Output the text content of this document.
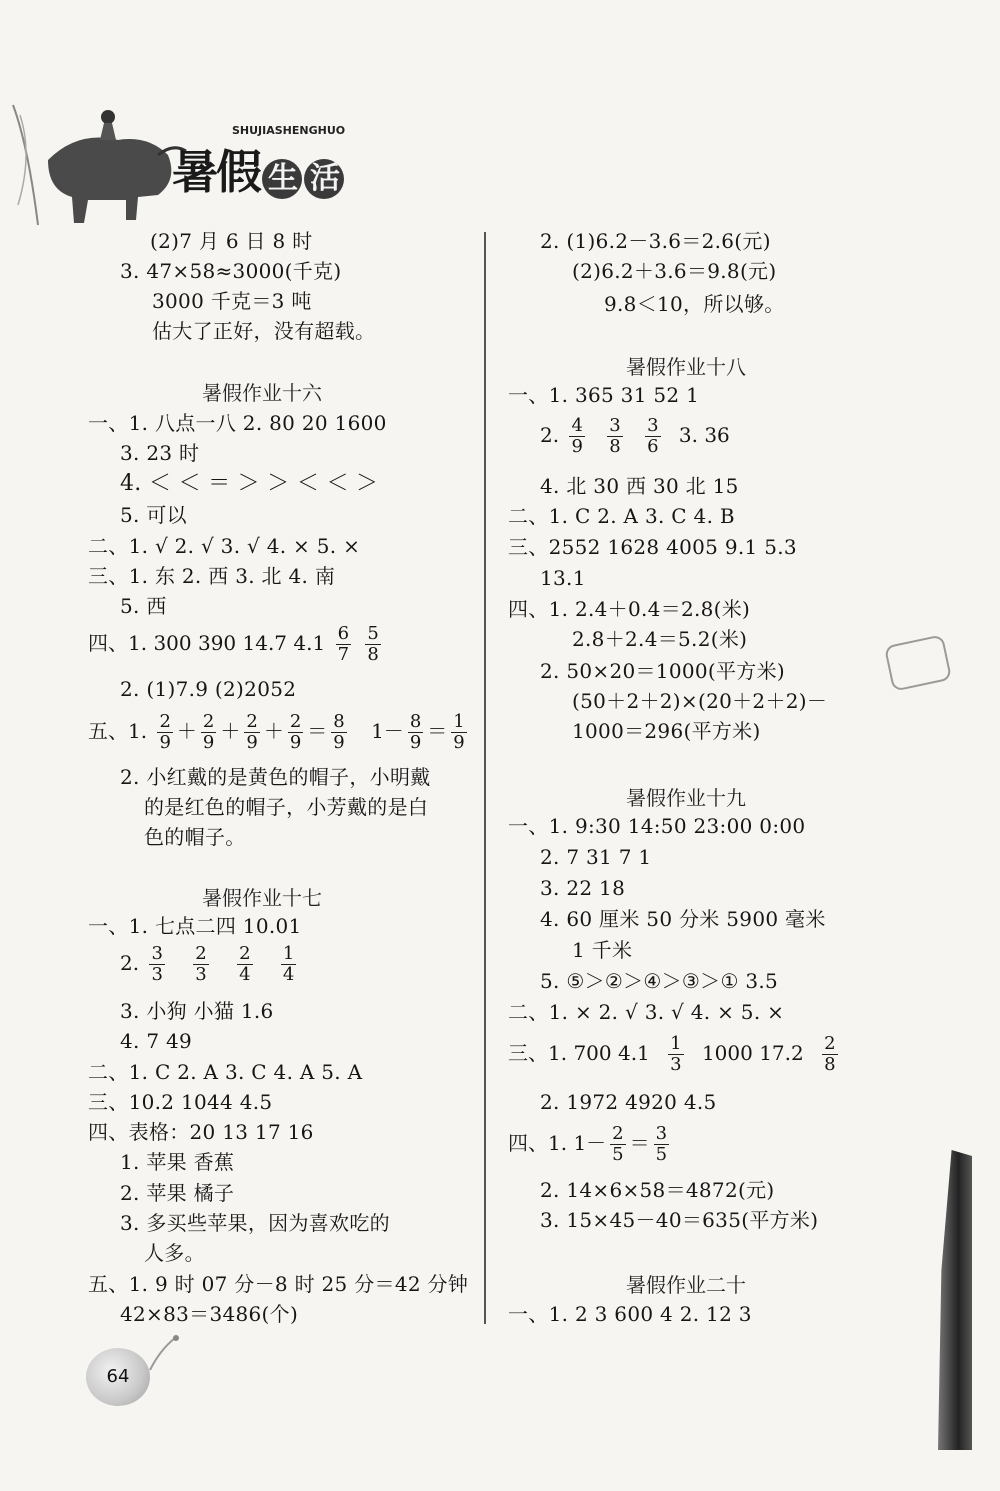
SHUJIASHENGHUO
暑假 生 活
(2)7 月 6 日 8 时
3. 47×58≈3000(千克)
3000 千克＝3 吨
估大了正好，没有超载。
暑假作业十六
一、1. 八点一八 2. 80 20 1600
3. 23 时
4. ＜ ＜ ＝ ＞ ＞ ＜ ＜ ＞
5. 可以
二、1. √ 2. √ 3. √ 4. × 5. ×
三、1. 东 2. 西 3. 北 4. 南
5. 西
四、1. 300 390 14.7 $4.1 \frac{6}{7}$
$\frac{5}{8}$
2. (1)7.9 (2)2052
五、1. $\frac{2}{9} + \frac{2}{9} + \frac{2}{9} + \frac{2}{9} = \frac{8}{9} 1- \frac{8}{9} = \frac{1}{9}$
2. 小红戴的是黄色的帽子，小明戴
的是红色的帽子，小芳戴的是白
色的帽子。
暑假作业十七
一、1. 七点二四 10.01
2. $\frac{3}{3}$
$\frac{2}{3}$
$\frac{2}{4}$
$\frac{1}{4}$
3. 小狗 小猫 1.6
4. 7 49
二、1. C 2. A 3. C 4. A 5. A
三、10.2 1044 4.5
四、表格：20 13 17 16
1. 苹果 香蕉
2. 苹果 橘子
3. 多买些苹果，因为喜欢吃的
人多。
五、1. 9 时 07 分－8 时 25 分＝42 分钟
42×83＝3486(个)
2. (1)6.2－3.6＝2.6(元)
(2)6.2＋3.6＝9.8(元)
9.8＜10，所以够。
暑假作业十八
一、1. 365 31 52 1
2. $\frac{4}{9}$
$\frac{3}{8}$
$\frac{3}{6} 3$. 36
4. 北 30 西 30 北 15
二、1. C 2. A 3. C 4. B
三、2552 1628 4005 9.1 5.3
13.1
四、1. 2.4＋0.4＝2.8(米)
2.8＋2.4＝5.2(米)
2. 50×20＝1000(平方米)
(50＋2＋2)×(20＋2＋2)－
1000＝296(平方米)
暑假作业十九
一、1. 9:30 14:50 23:00 0:00
2. 7 31 7 1
3. 22 18
4. 60 厘米 50 分米 5900 毫米
1 千米
5. ⑤＞②＞④＞③＞① 3.5
二、1. × 2. √ 3. √ 4. × 5. ×
三、1. 700 $4.1 \frac{1}{3} 1000$ $17.2 \frac{2}{8}$
2. 1972 4920 4.5
四、1. $1- \frac{2}{5} = \frac{3}{5}$
2. 14×6×58＝4872(元)
3. 15×45－40＝635(平方米)
暑假作业二十
一、1. 2 3 600 4 2. 12 3
64
